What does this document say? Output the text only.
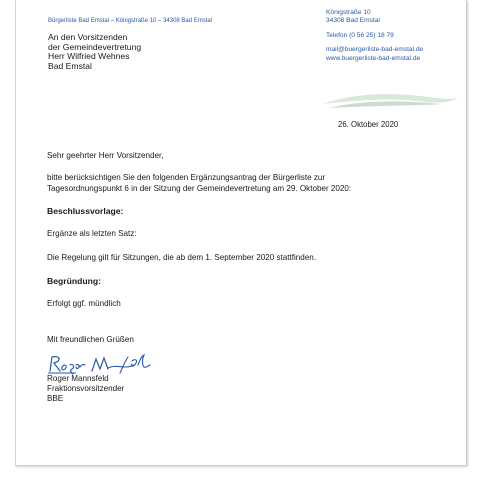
Bürgerliste Bad Emstal – Königstraße 10 – 34308 Bad Emstal
An den Vorsitzenden
der Gemeindevertretung
Herr Wilfried Wehnes
Bad Emstal
Königstraße 10
34308 Bad Emstal
Telefon (0 56 25) 18 79
mail@buergerliste-bad-emstal.de
www.buergerliste-bad-emstal.de
26. Oktober 2020
Sehr geehrter Herr Vorsitzender,
bitte berücksichtigen Sie den folgenden Ergänzungsantrag der Bürgerliste zur
Tagesordnungspunkt 6 in der Sitzung der Gemeindevertretung am 29. Oktober 2020:
Beschlussvorlage:
Ergänze als letzten Satz:
Die Regelung gilt für Sitzungen, die ab dem 1. September 2020 stattfinden.
Begründung:
Erfolgt ggf. mündlich
Mit freundlichen Grüßen
Roger Mannsfeld
Fraktionsvorsitzender
BBE
